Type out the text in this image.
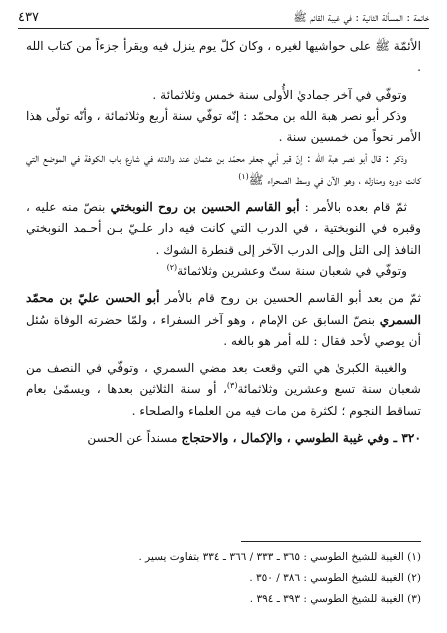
٤٣٧	خاتمة : المسألة الثانية : في غيبة القائم ﷺ

الأئمّة ﷺ على حواشيها لغيره ، وكان كلّ يوم ينزل فيه ويقرأ جزءاً من كتاب الله .

وتوفّي في آخر جماديٰ الأُولى سنة خمس وثلاثمائة .

وذكر أبو نصر هبة الله بن محمّد : إنّه توفّي سنة أربع وثلاثمائة ، وأنّه تولّى هذا الأمر نحواً من خمسين سنة .

وذكر : قال أبو نصر هبة الله : إنّ قبر أبي جعفر محمّد بن عثمان عند والدته في شارع باب الكوفة في الموضع التي كانت دوره ومنازله ، وهو الآن في وسط الصحراء ﷺ$^{(١)}$

ثمّ قام بعده بالأمر : أبو القاسم الحسين بن روح النوبختي بنصّ منه عليه ، وقبره في النوبختية ، في الدرب التي كانت فيه دار علـيّ بـن أحـمد النوبختي النافذ إلى التل وإلى الدرب الآخر إلى قنطرة الشوك .

وتوفّي في شعبان سنة ستّ وعشرين وثلاثمائة$^{(٢)}$

ثمّ من بعد أبو القاسم الحسين بن روح قام بالأمر أبو الحسن عليّ بن محمّد السمري بنصّ السابق عن الإمام ، وهو آخر السفراء ، ولمّا حضرته الوفاة سُئل أن يوصي لأحد فقال : لله أمر هو بالغه .

والغيبة الكبرىٰ هي التي وقعت بعد مضي السمري ، وتوفّي في النصف من شعبان سنة تسع وعشرين وثلاثمائة$^{(٣)}$، أو سنة الثلاثين بعدها ، ويسمّىٰ بعام تساقط النجوم ؛ لكثرة من مات فيه من العلماء والصلحاء .

٣٢٠ ـ وفي غيبة الطوسي ، والإكمال ، والاحتجاج مسنداً عن الحسن

(١) الغيبة للشيخ الطوسي : ٣٦٥ ـ ٣٣٣ / ٣٦٦ ـ ٣٣٤ بتفاوت يسير .

(٢) الغيبة للشيخ الطوسي : ٣٨٦ / ٣٥٠ .

(٣) الغيبة للشيخ الطوسي : ٣٩٣ ـ ٣٩٤ .
